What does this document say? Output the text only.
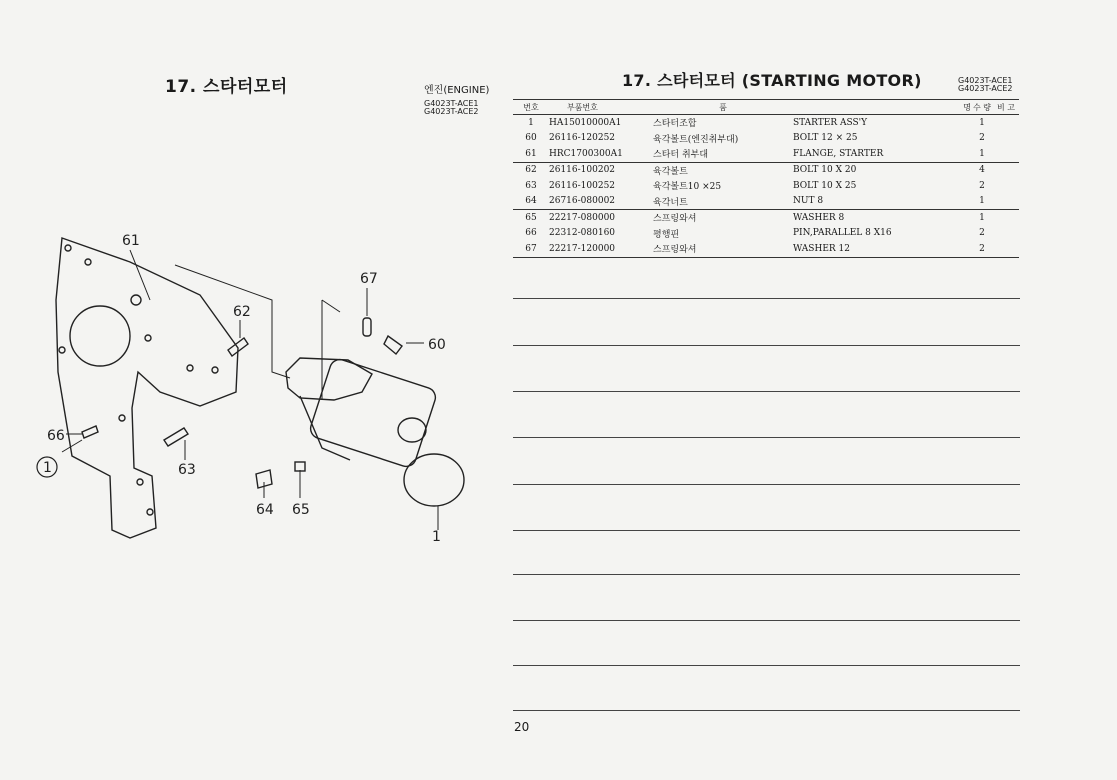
17. 스타터모터	엔진(ENGINE)
G4023T-ACE1
G4023T-ACE2
61
67
62
60
66
1	63
64 65
1
17. 스타터모터 (STARTING MOTOR)	G4023T-ACE1
G4023T-ACE2
번호	부품번호	품	명	수 량	비 고
1	HA15010000A1	스타터조합	STARTER ASS'Y	1	
60	26116-120252	육각볼트(엔진취부대)	BOLT 12 × 25	2	
61	HRC1700300A1	스타터 취부대	FLANGE, STARTER	1	
62	26116-100202	육각볼트	BOLT 10 X 20	4	
63	26116-100252	육각볼트10 ×25	BOLT 10 X 25	2	
64	26716-080002	육각너트	NUT 8	1	
65	22217-080000	스프링와셔	WASHER 8	1	
66	22312-080160	평행핀	PIN,PARALLEL 8 X16	2	
67	22217-120000	스프링와셔	WASHER 12	2	
20
